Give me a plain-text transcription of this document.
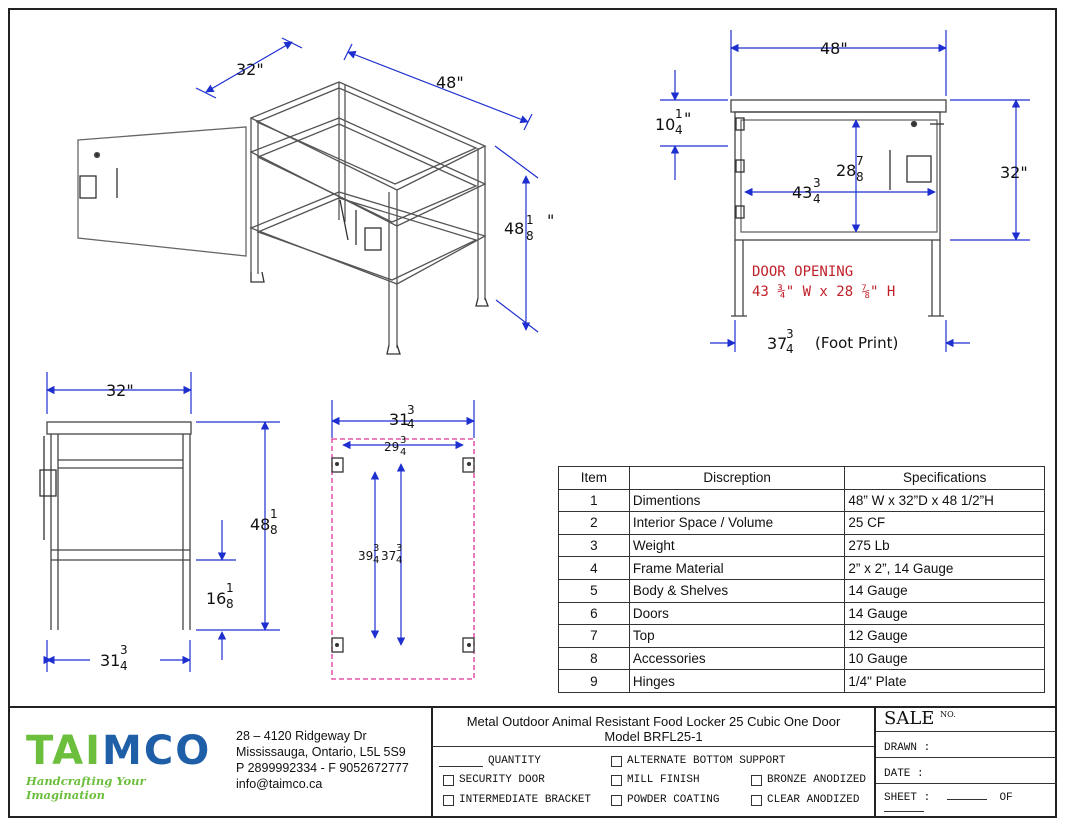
32"
48"
48 1
8
"
48"
10
1
4
"
32"
28 7
8
43 3
4
DOOR OPENING
43 ¾" W x 28 ⅞" H
37
3
4 (Foot Print)
32"
48
1
8
16
1
8
31
3
4
31
3
4
29 3
4
39
3
4 37
3
4
Item	Discreption	Specifications
1	Dimentions	48” W x 32”D x 48 1/2”H
2	Interior Space / Volume	25 CF
3	Weight	275 Lb
4	Frame Material	2” x 2”, 14 Gauge
5	Body & Shelves	14 Gauge
6	Doors	14 Gauge
7	Top	12 Gauge
8	Accessories	10 Gauge
9	Hinges	1/4" Plate
TAIMCO
Handcrafting Your Imagination
28 – 4120 Ridgeway Dr
Mississauga, Ontario, L5L 5S9
P 2899992334 - F 9052672777
info@taimco.ca
Metal Outdoor Animal Resistant Food Locker 25 Cubic One Door
Model BRFL25-1
QUANTITY
SECURITY DOOR
INTERMEDIATE BRACKET
ALTERNATE BOTTOM SUPPORT
MILL FINISH
POWDER COATING
BRONZE ANODIZED
CLEAR ANODIZED
SALE $^{NO.}$
DRAWN :
DATE :
SHEET :	OF
